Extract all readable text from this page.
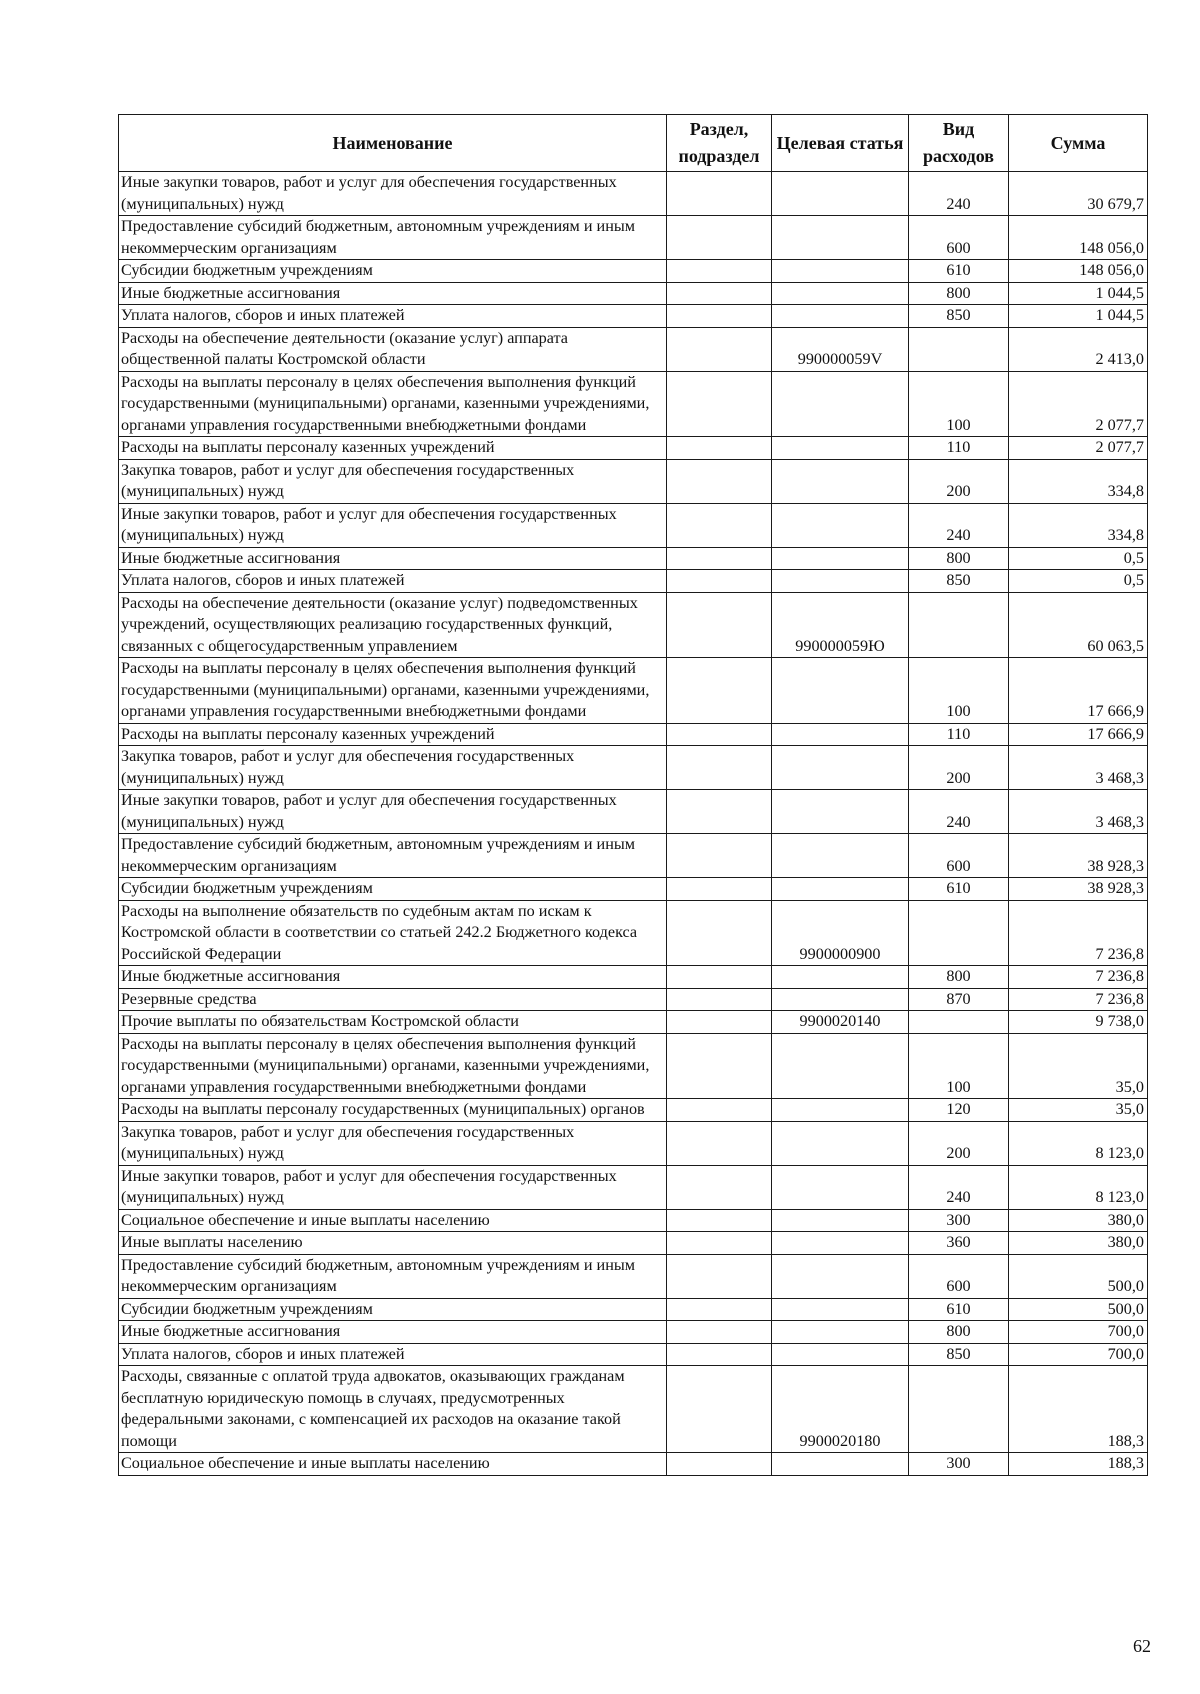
Наименование	Раздел, подраздел	Целевая статья	Вид расходов	Сумма
Иные закупки товаров, работ и услуг для обеспечения государственных (муниципальных) нужд			240	30 679,7
Предоставление субсидий бюджетным, автономным учреждениям и иным некоммерческим организациям			600	148 056,0
Субсидии бюджетным учреждениям			610	148 056,0
Иные бюджетные ассигнования			800	1 044,5
Уплата налогов, сборов и иных платежей			850	1 044,5
Расходы на обеспечение деятельности (оказание услуг) аппарата общественной палаты Костромской области		990000059V		2 413,0
Расходы на выплаты персоналу в целях обеспечения выполнения функций государственными (муниципальными) органами, казенными учреждениями, органами управления государственными внебюджетными фондами			100	2 077,7
Расходы на выплаты персоналу казенных учреждений			110	2 077,7
Закупка товаров, работ и услуг для обеспечения государственных (муниципальных) нужд			200	334,8
Иные закупки товаров, работ и услуг для обеспечения государственных (муниципальных) нужд			240	334,8
Иные бюджетные ассигнования			800	0,5
Уплата налогов, сборов и иных платежей			850	0,5
Расходы на обеспечение деятельности (оказание услуг) подведомственных учреждений, осуществляющих реализацию государственных функций, связанных с общегосударственным управлением		990000059Ю		60 063,5
Расходы на выплаты персоналу в целях обеспечения выполнения функций государственными (муниципальными) органами, казенными учреждениями, органами управления государственными внебюджетными фондами			100	17 666,9
Расходы на выплаты персоналу казенных учреждений			110	17 666,9
Закупка товаров, работ и услуг для обеспечения государственных (муниципальных) нужд			200	3 468,3
Иные закупки товаров, работ и услуг для обеспечения государственных (муниципальных) нужд			240	3 468,3
Предоставление субсидий бюджетным, автономным учреждениям и иным некоммерческим организациям			600	38 928,3
Субсидии бюджетным учреждениям			610	38 928,3
Расходы на выполнение обязательств по судебным актам по искам к Костромской области в соответствии со статьей 242.2 Бюджетного кодекса Российской Федерации		9900000900		7 236,8
Иные бюджетные ассигнования			800	7 236,8
Резервные средства			870	7 236,8
Прочие выплаты по обязательствам Костромской области		9900020140		9 738,0
Расходы на выплаты персоналу в целях обеспечения выполнения функций государственными (муниципальными) органами, казенными учреждениями, органами управления государственными внебюджетными фондами			100	35,0
Расходы на выплаты персоналу государственных (муниципальных) органов			120	35,0
Закупка товаров, работ и услуг для обеспечения государственных (муниципальных) нужд			200	8 123,0
Иные закупки товаров, работ и услуг для обеспечения государственных (муниципальных) нужд			240	8 123,0
Социальное обеспечение и иные выплаты населению			300	380,0
Иные выплаты населению			360	380,0
Предоставление субсидий бюджетным, автономным учреждениям и иным некоммерческим организациям			600	500,0
Субсидии бюджетным учреждениям			610	500,0
Иные бюджетные ассигнования			800	700,0
Уплата налогов, сборов и иных платежей			850	700,0
Расходы, связанные с оплатой труда адвокатов, оказывающих гражданам бесплатную юридическую помощь в случаях, предусмотренных федеральными законами, с компенсацией их расходов на оказание такой помощи		9900020180		188,3
Социальное обеспечение и иные выплаты населению			300	188,3
62
